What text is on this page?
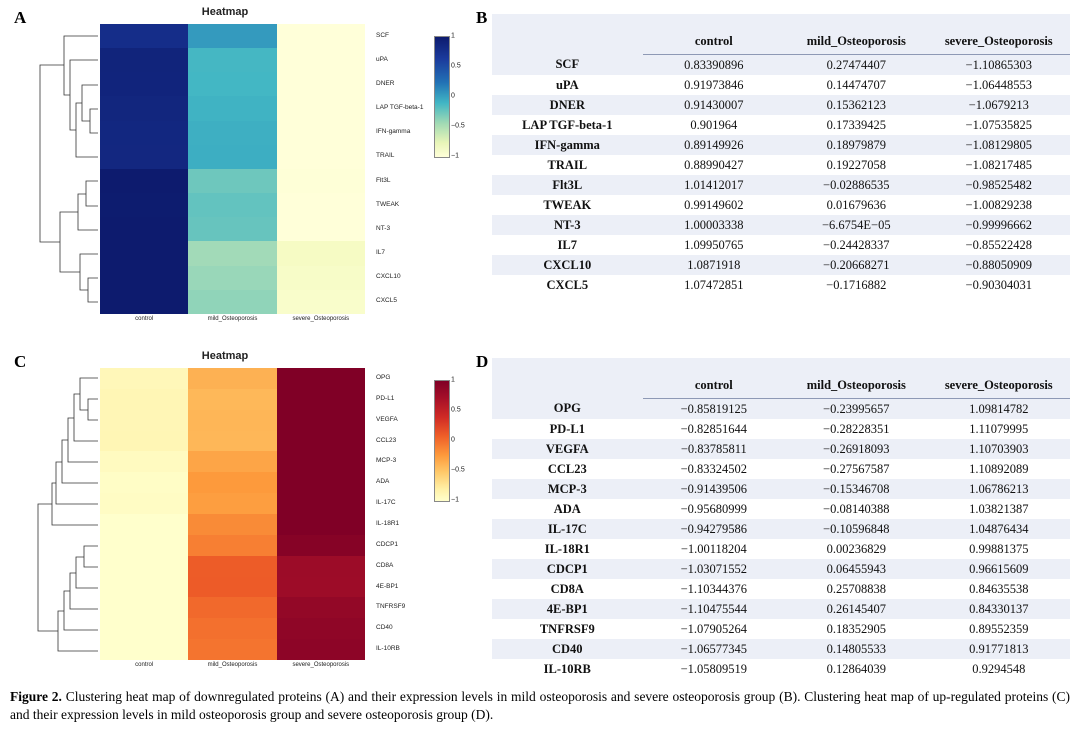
A	B
C	D
Heatmap
SCF
uPA
DNER
LAP TGF-beta-1
IFN-gamma
TRAIL
Flt3L
TWEAK
NT-3
IL7
CXCL10
CXCL5
control	mild_Osteoporosis	severe_Osteoporosis
1
0.5
0
−0.5
−1
	control	mild_Osteoporosis	severe_Osteoporosis
SCF	0.83390896	0.27474407	−1.10865303
uPA	0.91973846	0.14474707	−1.06448553
DNER	0.91430007	0.15362123	−1.0679213
LAP TGF-beta-1	0.901964	0.17339425	−1.07535825
IFN-gamma	0.89149926	0.18979879	−1.08129805
TRAIL	0.88990427	0.19227058	−1.08217485
Flt3L	1.01412017	−0.02886535	−0.98525482
TWEAK	0.99149602	0.01679636	−1.00829238
NT-3	1.00003338	−6.6754E−05	−0.99996662
IL7	1.09950765	−0.24428337	−0.85522428
CXCL10	1.0871918	−0.20668271	−0.88050909
CXCL5	1.07472851	−0.1716882	−0.90304031
Heatmap
OPG
PD-L1
VEGFA
CCL23
MCP-3
ADA
IL-17C
IL-18R1
CDCP1
CD8A
4E-BP1
TNFRSF9
CD40
IL-10RB
control	mild_Osteoporosis	severe_Osteoporosis
1
0.5
0
−0.5
−1
	control	mild_Osteoporosis	severe_Osteoporosis
OPG	−0.85819125	−0.23995657	1.09814782
PD-L1	−0.82851644	−0.28228351	1.11079995
VEGFA	−0.83785811	−0.26918093	1.10703903
CCL23	−0.83324502	−0.27567587	1.10892089
MCP-3	−0.91439506	−0.15346708	1.06786213
ADA	−0.95680999	−0.08140388	1.03821387
IL-17C	−0.94279586	−0.10596848	1.04876434
IL-18R1	−1.00118204	0.00236829	0.99881375
CDCP1	−1.03071552	0.06455943	0.96615609
CD8A	−1.10344376	0.25708838	0.84635538
4E-BP1	−1.10475544	0.26145407	0.84330137
TNFRSF9	−1.07905264	0.18352905	0.89552359
CD40	−1.06577345	0.14805533	0.91771813
IL-10RB	−1.05809519	0.12864039	0.9294548
Figure 2. Clustering heat map of downregulated proteins (A) and their expression levels in mild osteoporosis and severe osteoporosis group (B). Clustering heat map of up-regulated proteins (C) and their expression levels in mild osteoporosis group and severe osteoporosis group (D).
